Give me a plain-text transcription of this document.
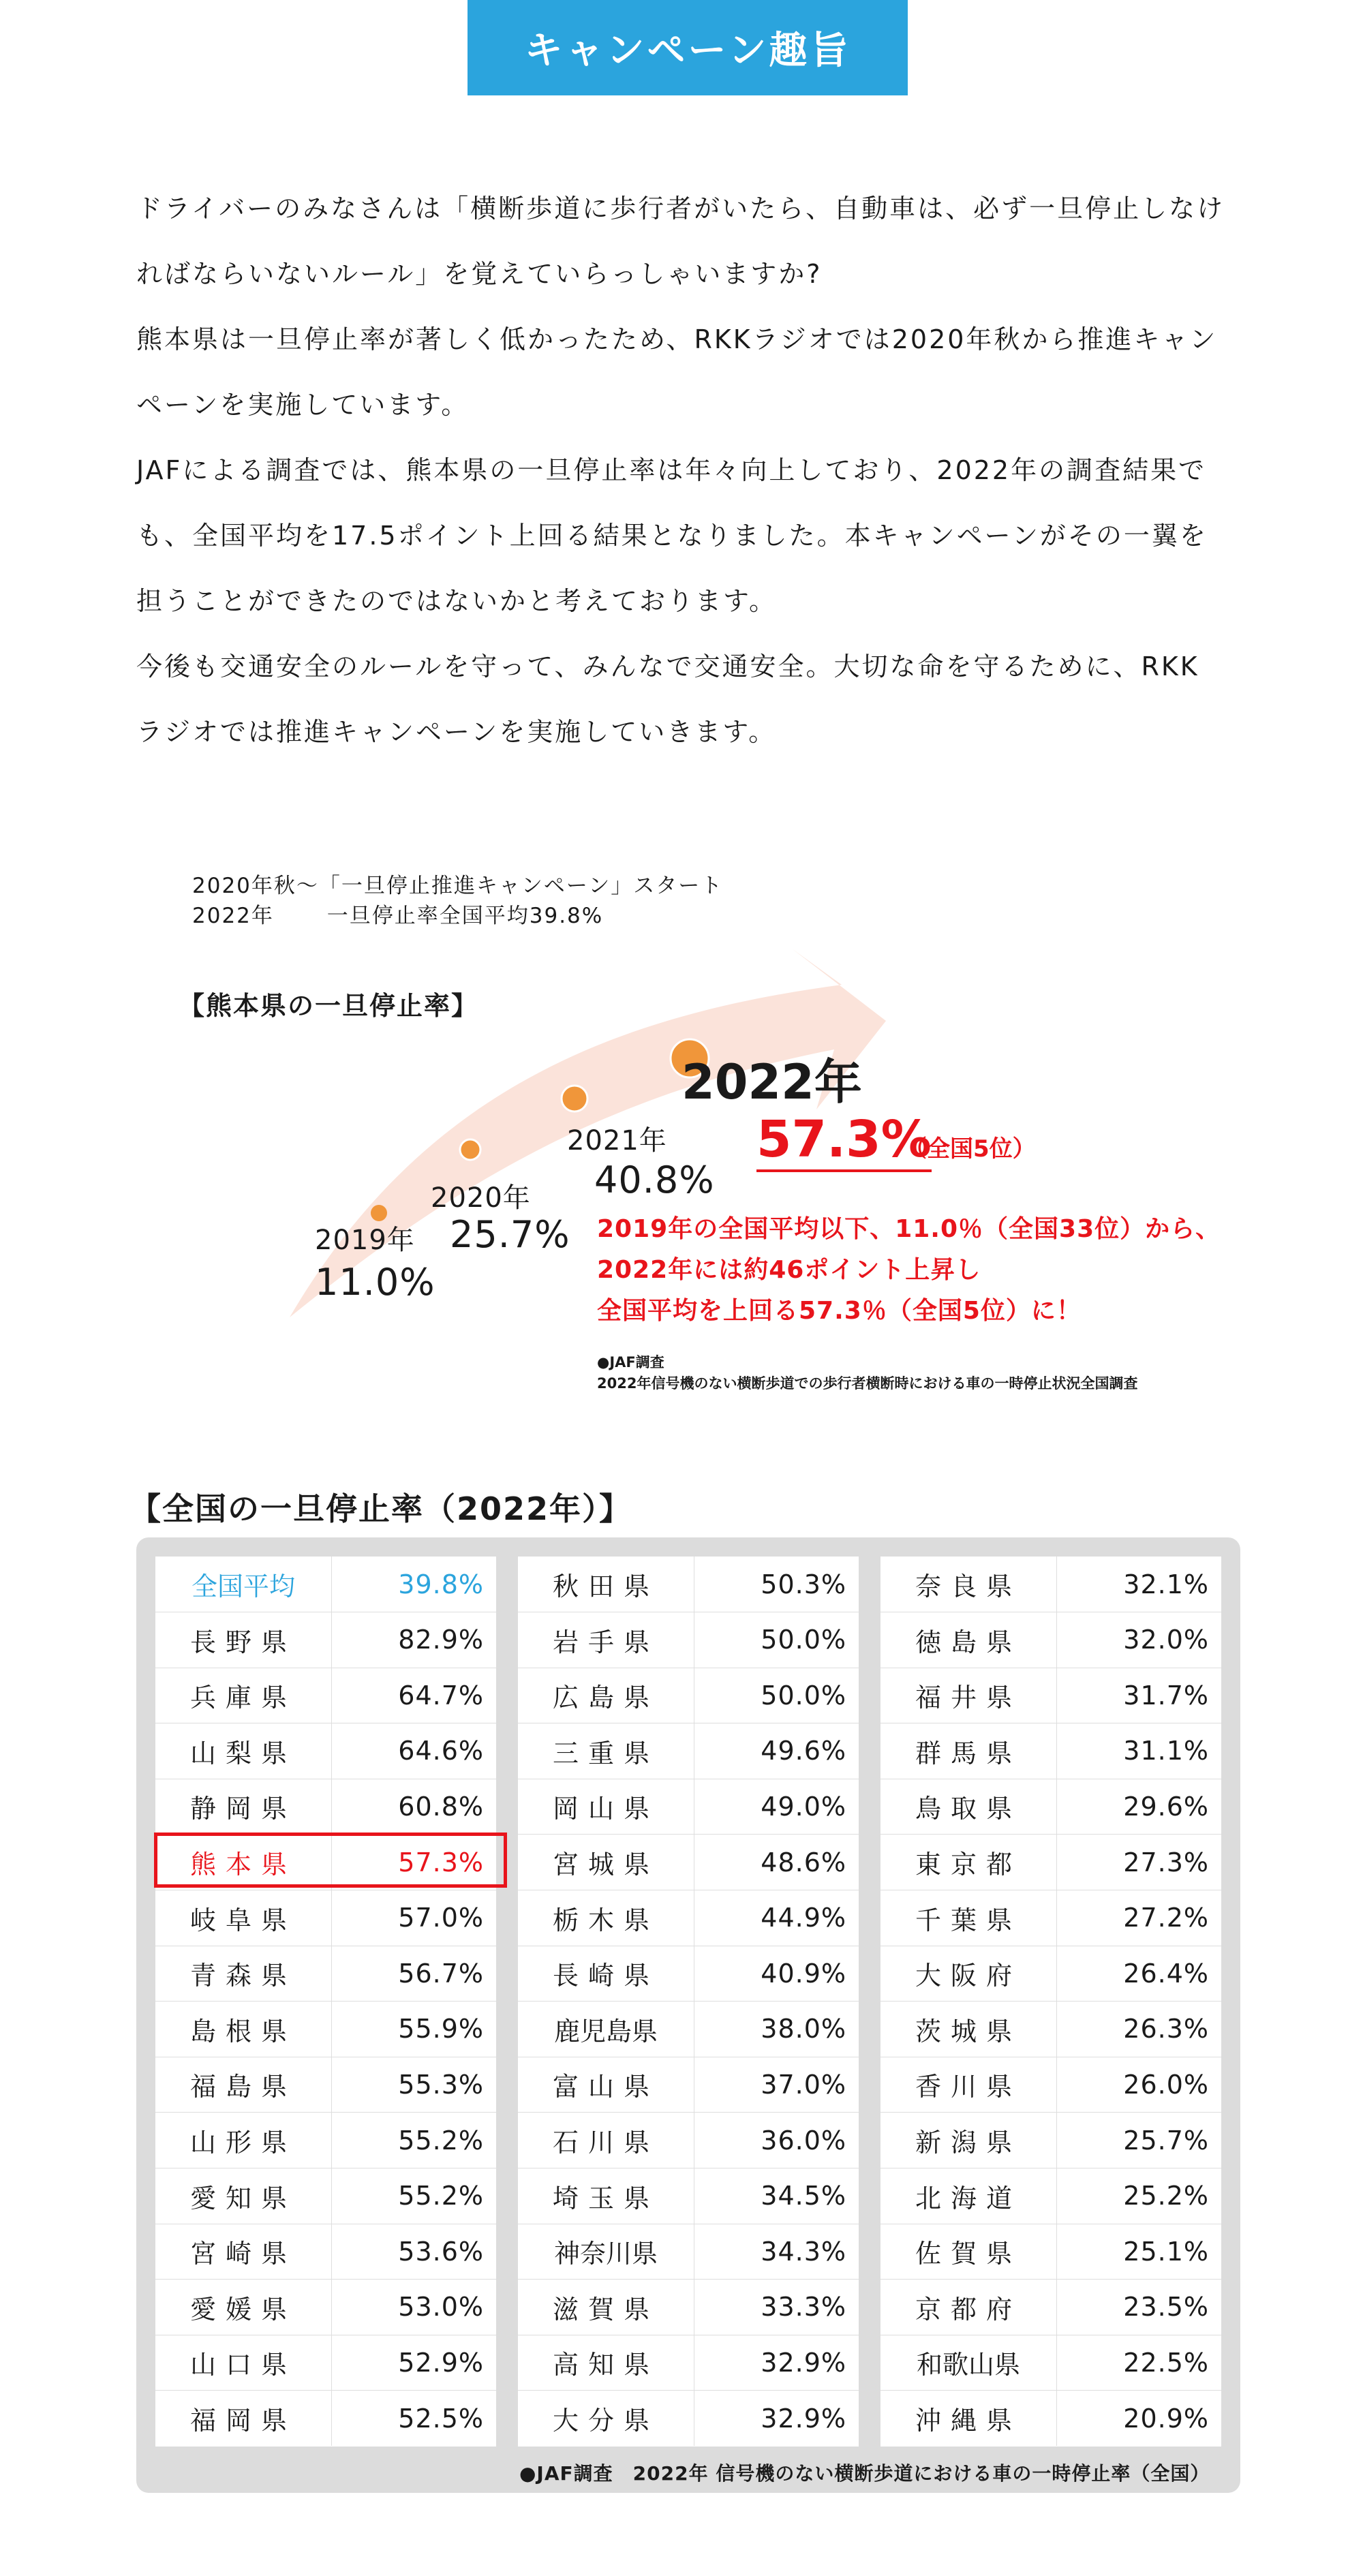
キャンペーン趣旨

ドライバーのみなさんは「横断歩道に歩行者がいたら、自動車は、必ず一旦停止しなければならいないルール」を覚えていらっしゃいますか?

熊本県は一旦停止率が著しく低かったため、RKKラジオでは2020年秋から推進キャンペーンを実施しています。

JAFによる調査では、熊本県の一旦停止率は年々向上しており、2022年の調査結果でも、全国平均を17.5ポイント上回る結果となりました。本キャンペーンがその一翼を担うことができたのではないかと考えております。

今後も交通安全のルールを守って、みんなで交通安全。大切な命を守るために、RKKラジオでは推進キャンペーンを実施していきます。

2020年秋～「一旦停止推進キャンペーン」スタート
2022年　　 一旦停止率全国平均39.8%
【熊本県の一旦停止率】
2019年
11.0%
2020年
25.7%
2021年
40.8%
2022年
57.3%
（全国5位）
2019年の全国平均以下、11.0％（全国33位）から、
2022年には約46ポイント上昇し
全国平均を上回る57.3％（全国5位）に！
●JAF調査
2022年信号機のない横断歩道での歩行者横断時における車の一時停止状況全国調査
【全国の一旦停止率（2022年）】
全国平均	39.8%
長野県	82.9%
兵庫県	64.7%
山梨県	64.6%
静岡県	60.8%
熊本県	57.3%
岐阜県	57.0%
青森県	56.7%
島根県	55.9%
福島県	55.3%
山形県	55.2%
愛知県	55.2%
宮崎県	53.6%
愛媛県	53.0%
山口県	52.9%
福岡県	52.5%
秋田県	50.3%
岩手県	50.0%
広島県	50.0%
三重県	49.6%
岡山県	49.0%
宮城県	48.6%
栃木県	44.9%
長崎県	40.9%
鹿児島県	38.0%
富山県	37.0%
石川県	36.0%
埼玉県	34.5%
神奈川県	34.3%
滋賀県	33.3%
高知県	32.9%
大分県	32.9%
奈良県	32.1%
徳島県	32.0%
福井県	31.7%
群馬県	31.1%
鳥取県	29.6%
東京都	27.3%
千葉県	27.2%
大阪府	26.4%
茨城県	26.3%
香川県	26.0%
新潟県	25.7%
北海道	25.2%
佐賀県	25.1%
京都府	23.5%
和歌山県	22.5%
沖縄県	20.9%
●JAF調査　2022年 信号機のない横断歩道における車の一時停止率（全国）
